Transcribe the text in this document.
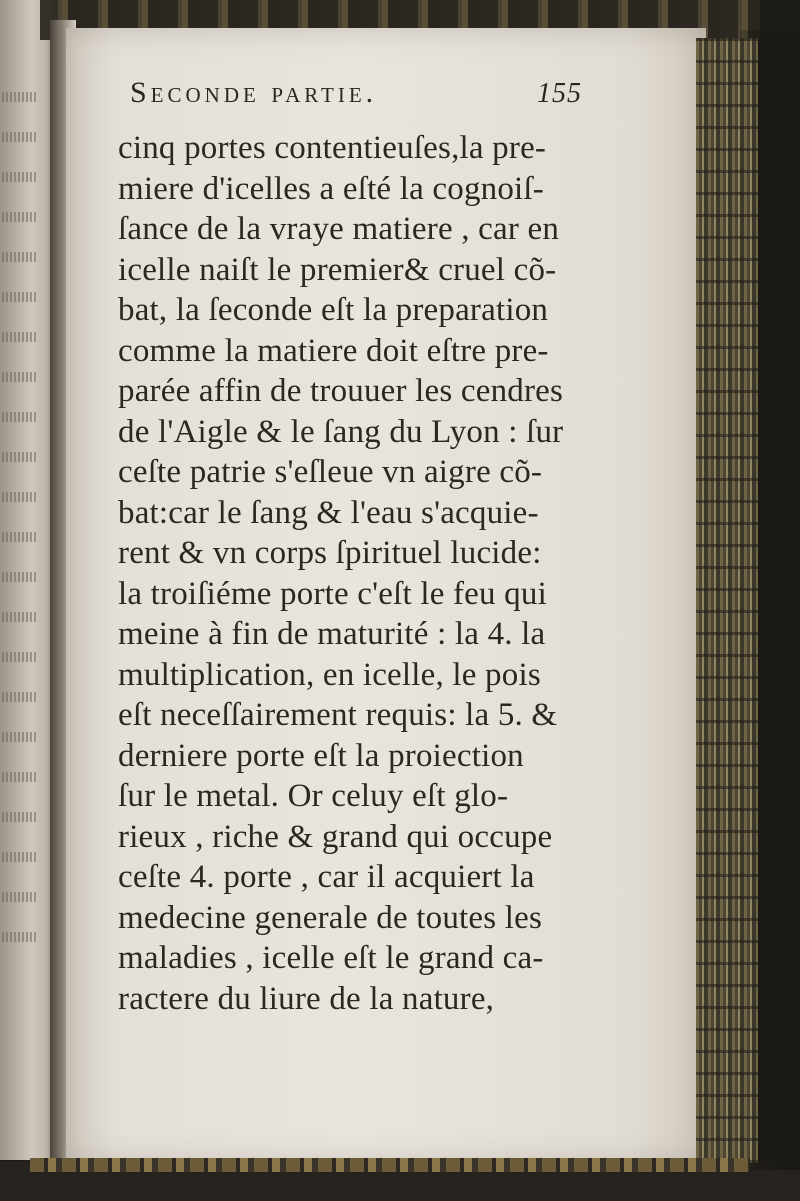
Seconde partie.	155
cinq portes contentieuſes,la pre-
miere d'icelles a eſté la cognoiſ-
ſance de la vraye matiere , car en
icelle naiſt le premier& cruel cõ-
bat, la ſeconde eſt la preparation
comme la matiere doit eſtre pre-
parée affin de trouuer les cendres
de l'Aigle & le ſang du Lyon : ſur
ceſte patrie s'eſleue vn aigre cõ-
bat:car le ſang & l'eau s'acquie-
rent & vn corps ſpirituel lucide:
la troiſiéme porte c'eſt le feu qui
meine à fin de maturité : la 4. la
multiplication, en icelle, le pois
eſt neceſſairement requis: la 5. &
derniere porte eſt la proiection
ſur le metal. Or celuy eſt glo-
rieux , riche & grand qui occupe
ceſte 4. porte , car il acquiert la
medecine generale de toutes les
maladies , icelle eſt le grand ca-
ractere du liure de la nature,
